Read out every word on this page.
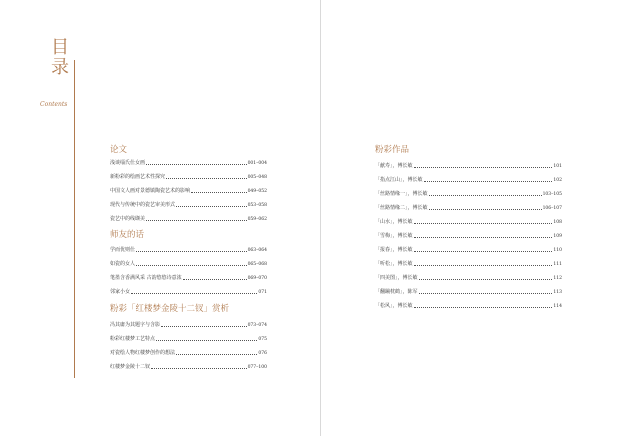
目
录
Contents
论文
浅谈缁氏仕女画	001–004
新粉彩的绘画艺术性探究	005–048
中国文人画对景德镇陶瓷艺术的影响	049–052
现代与传统中的瓷艺审美形式	053–058
瓷艺中的线缬美	059–062
师友的话
学而优则仕	063–064
如瓷的女人	065–068
笔墨含香满风采 古韵悠悠诗意浓	069–070
邻家小女	071
粉彩「红楼梦金陵十二钗」赏析
冯其庸为其题字与含影	073–074
粉彩红楼梦工艺特点	075
对瓷绘人物红楼梦创作的想法	076
红楼梦金陵十二钗	077–100
粉彩作品
「献寿」，傅长敏	101
「指点江山」，傅长敏	102
「丝路情缘一」，傅长敏	103–105
「丝路情缘二」，傅长敏	106–107
「山水」，傅长敏	108
「雪梅」，傅长敏	109
「报春」，傅长敏	110
「听松」，傅长敏	111
「四美图」，傅长敏	112
「翻蹦枕鹤」，陈军	113
「松风」，傅长敏	114
